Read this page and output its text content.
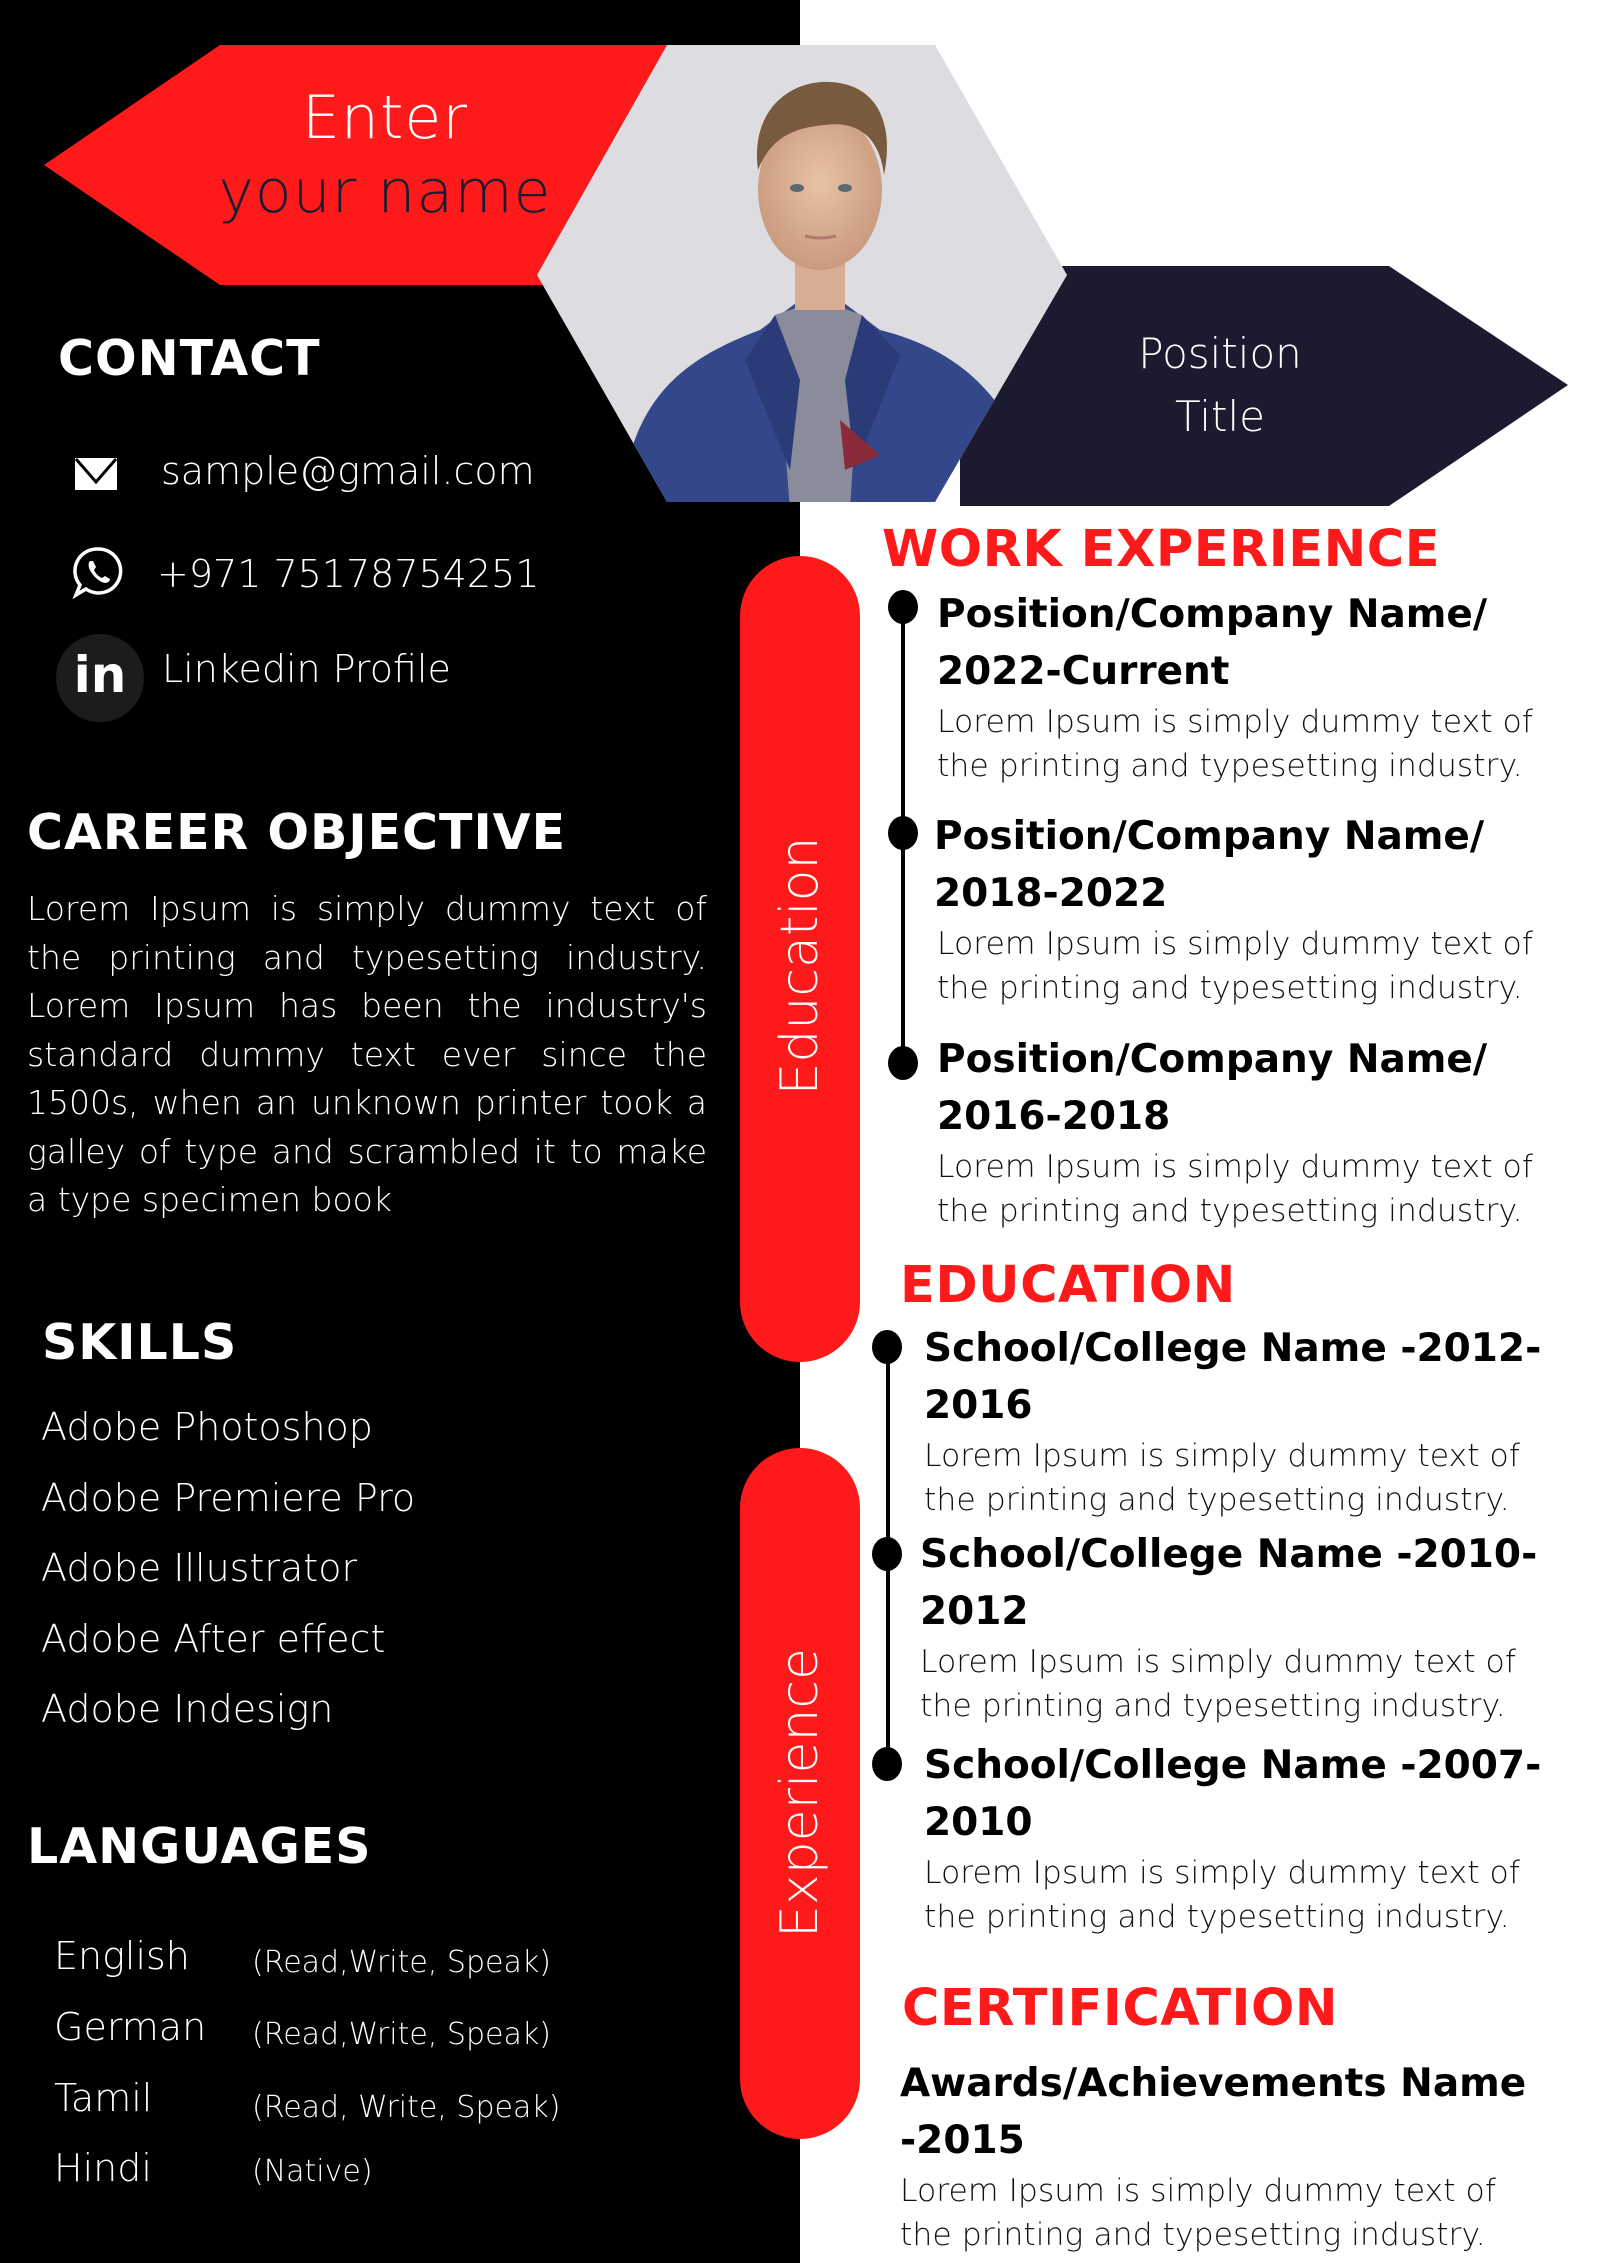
Enter
your name
Position
Title
CONTACT
sample@gmail.com
+971 75178754251
in Linkedin Profile
CAREER OBJECTIVE
Lorem Ipsum is simply dummy text of the printing and typesetting industry. Lorem Ipsum has been the industry's standard dummy text ever since the 1500s, when an unknown printer took a galley of type and scrambled it to make a type specimen book
SKILLS
Adobe Photoshop
Adobe Premiere Pro
Adobe Illustrator
Adobe After effect
Adobe Indesign
LANGUAGES
English (Read,Write, Speak)
German (Read,Write, Speak)
Tamil	(Read, Write, Speak)
Hindi	(Native)
Education
Experience
WORK EXPERIENCE
Position/Company Name/ 2022-Current
Lorem Ipsum is simply dummy text of the printing and typesetting industry.
Position/Company Name/ 2018-2022
Lorem Ipsum is simply dummy text of the printing and typesetting industry.
Position/Company Name/ 2016-2018
Lorem Ipsum is simply dummy text of the printing and typesetting industry.
EDUCATION
School/College Name -2012-2016
Lorem Ipsum is simply dummy text of the printing and typesetting industry.
School/College Name -2010-2012
Lorem Ipsum is simply dummy text of the printing and typesetting industry.
School/College Name -2007-2010
Lorem Ipsum is simply dummy text of the printing and typesetting industry.
CERTIFICATION
Awards/Achievements Name -2015
Lorem Ipsum is simply dummy text of the printing and typesetting industry.
